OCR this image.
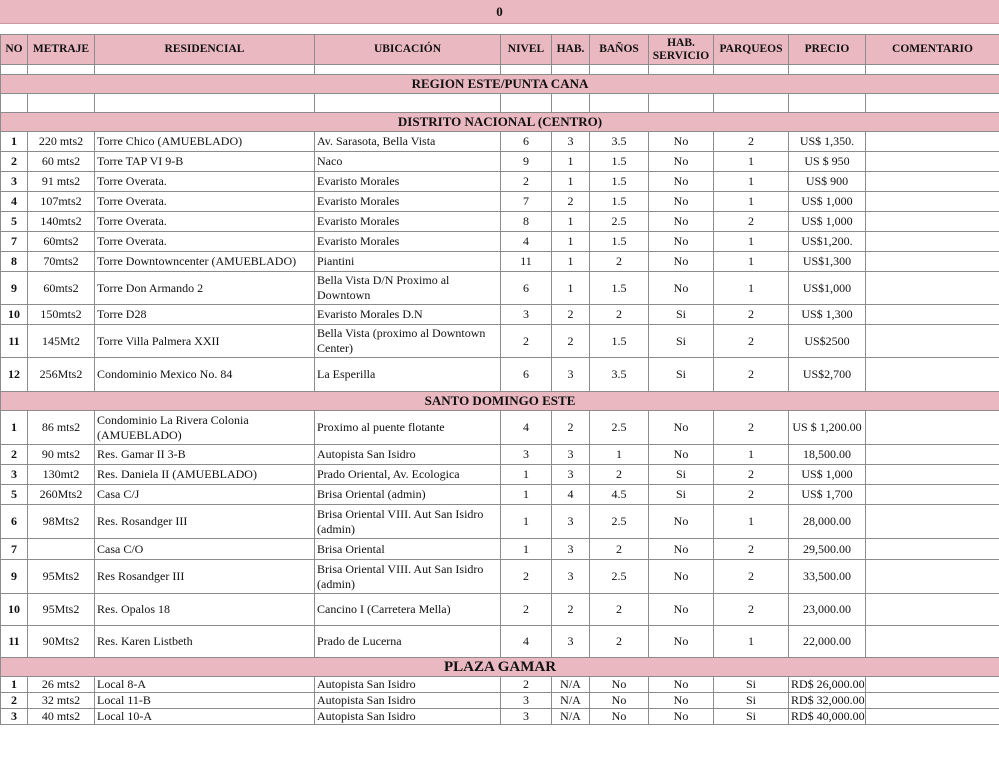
0
NO	METRAJE	RESIDENCIAL	UBICACIÓN	NIVEL	HAB.	BAÑOS	HAB. SERVICIO	PARQUEOS	PRECIO	COMENTARIO

REGION ESTE/PUNTA CANA										

DISTRITO NACIONAL (CENTRO)										
1	220 mts2	Torre Chico (AMUEBLADO)	Av. Sarasota, Bella Vista	6	3	3.5	No	2	US$ 1,350.	
2	60 mts2	Torre TAP VI 9-B	Naco	9	1	1.5	No	1	US $ 950	
3	91 mts2	Torre Overata.	Evaristo Morales	2	1	1.5	No	1	US$ 900	
4	107mts2	Torre Overata.	Evaristo Morales	7	2	1.5	No	1	US$ 1,000	
5	140mts2	Torre Overata.	Evaristo Morales	8	1	2.5	No	2	US$ 1,000	
7	60mts2	Torre Overata.	Evaristo Morales	4	1	1.5	No	1	US$1,200.	
8	70mts2	Torre Downtowncenter (AMUEBLADO)	Piantini	11	1	2	No	1	US$1,300	
9	60mts2	Torre Don Armando 2	Bella Vista D/N Proximo al Downtown	6	1	1.5	No	1	US$1,000	
10	150mts2	Torre D28	Evaristo Morales D.N	3	2	2	Si	2	US$ 1,300	
11	145Mt2	Torre Villa Palmera XXII	Bella Vista (proximo al Downtown Center)	2	2	1.5	Si	2	US$2500	
12	256Mts2	Condominio Mexico No. 84	La Esperilla	6	3	3.5	Si	2	US$2,700	
SANTO DOMINGO ESTE										
1	86 mts2	Condominio La Rivera Colonia (AMUEBLADO)	Proximo al puente flotante	4	2	2.5	No	2	US $ 1,200.00	
2	90 mts2	Res. Gamar II 3-B	Autopista San Isidro	3	3	1	No	1	18,500.00	
3	130mt2	Res. Daniela II (AMUEBLADO)	Prado Oriental, Av. Ecologica	1	3	2	Si	2	US$ 1,000	
5	260Mts2	Casa C/J	Brisa Oriental (admin)	1	4	4.5	Si	2	US$ 1,700	
6	98Mts2	Res. Rosandger III	Brisa Oriental VIII. Aut San Isidro (admin)	1	3	2.5	No	1	28,000.00	
7		Casa C/O	Brisa Oriental	1	3	2	No	2	29,500.00	
9	95Mts2	Res Rosandger III	Brisa Oriental VIII. Aut San Isidro (admin)	2	3	2.5	No	2	33,500.00	
10	95Mts2	Res. Opalos 18	Cancino I (Carretera Mella)	2	2	2	No	2	23,000.00	
11	90Mts2	Res. Karen Listbeth	Prado de Lucerna	4	3	2	No	1	22,000.00	
PLAZA GAMAR										
1	26 mts2	Local 8-A	Autopista San Isidro	2	N/A	No	No	Si	RD$ 26,000.00	
2	32 mts2	Local 11-B	Autopista San Isidro	3	N/A	No	No	Si	RD$ 32,000.00	
3	40 mts2	Local 10-A	Autopista San Isidro	3	N/A	No	No	Si	RD$ 40,000.00	
